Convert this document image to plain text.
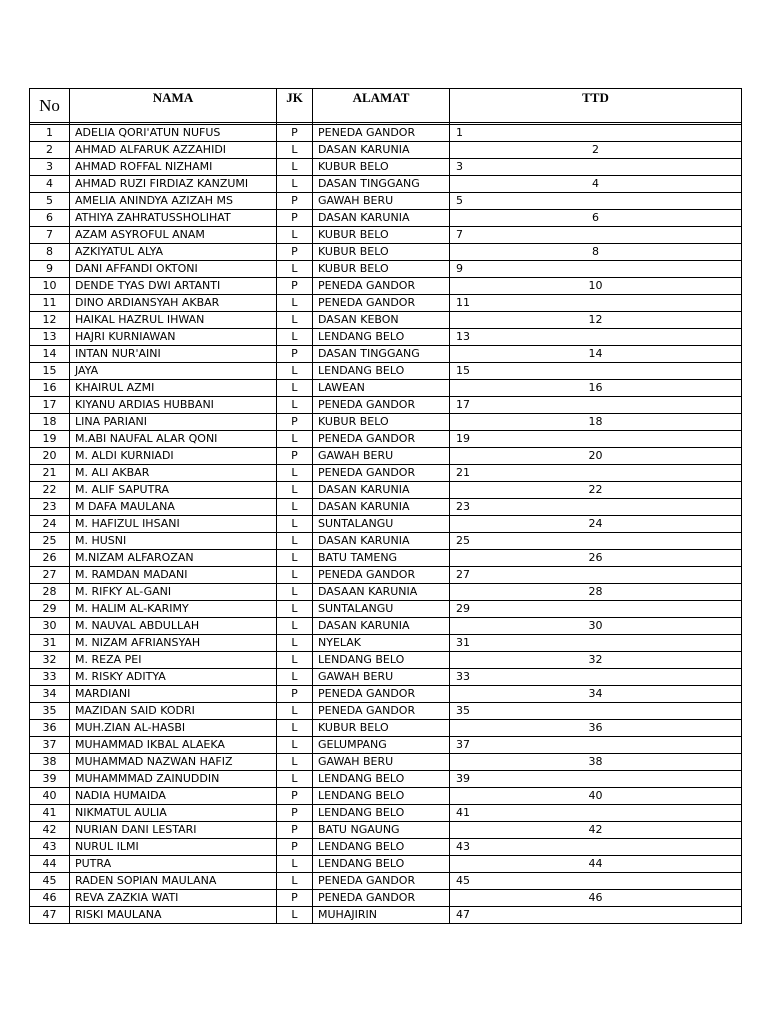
No	NAMA	JK	ALAMAT	TTD

1	ADELIA QORI'ATUN NUFUS	P	PENEDA GANDOR	1
2	AHMAD ALFARUK AZZAHIDI	L	DASAN KARUNIA	2
3	AHMAD ROFFAL NIZHAMI	L	KUBUR BELO	3
4	AHMAD RUZI FIRDIAZ KANZUMI	L	DASAN TINGGANG	4
5	AMELIA ANINDYA AZIZAH MS	P	GAWAH BERU	5
6	ATHIYA ZAHRATUSSHOLIHAT	P	DASAN KARUNIA	6
7	AZAM ASYROFUL ANAM	L	KUBUR BELO	7
8	AZKIYATUL ALYA	P	KUBUR BELO	8
9	DANI AFFANDI OKTONI	L	KUBUR BELO	9
10	DENDE TYAS DWI ARTANTI	P	PENEDA GANDOR	10
11	DINO ARDIANSYAH AKBAR	L	PENEDA GANDOR	11
12	HAIKAL HAZRUL IHWAN	L	DASAN KEBON	12
13	HAJRI KURNIAWAN	L	LENDANG BELO	13
14	INTAN NUR'AINI	P	DASAN TINGGANG	14
15	JAYA	L	LENDANG BELO	15
16	KHAIRUL AZMI	L	LAWEAN	16
17	KIYANU ARDIAS HUBBANI	L	PENEDA GANDOR	17
18	LINA PARIANI	P	KUBUR BELO	18
19	M.ABI NAUFAL ALAR QONI	L	PENEDA GANDOR	19
20	M. ALDI KURNIADI	P	GAWAH BERU	20
21	M. ALI AKBAR	L	PENEDA GANDOR	21
22	M. ALIF SAPUTRA	L	DASAN KARUNIA	22
23	M DAFA MAULANA	L	DASAN KARUNIA	23
24	M. HAFIZUL IHSANI	L	SUNTALANGU	24
25	M. HUSNI	L	DASAN KARUNIA	25
26	M.NIZAM ALFAROZAN	L	BATU TAMENG	26
27	M. RAMDAN MADANI	L	PENEDA GANDOR	27
28	M. RIFKY AL-GANI	L	DASAAN KARUNIA	28
29	M. HALIM AL-KARIMY	L	SUNTALANGU	29
30	M. NAUVAL ABDULLAH	L	DASAN KARUNIA	30
31	M. NIZAM AFRIANSYAH	L	NYELAK	31
32	M. REZA PEI	L	LENDANG BELO	32
33	M. RISKY ADITYA	L	GAWAH BERU	33
34	MARDIANI	P	PENEDA GANDOR	34
35	MAZIDAN SAID KODRI	L	PENEDA GANDOR	35
36	MUH.ZIAN AL-HASBI	L	KUBUR BELO	36
37	MUHAMMAD IKBAL ALAEKA	L	GELUMPANG	37
38	MUHAMMAD NAZWAN HAFIZ	L	GAWAH BERU	38
39	MUHAMMMAD ZAINUDDIN	L	LENDANG BELO	39
40	NADIA HUMAIDA	P	LENDANG BELO	40
41	NIKMATUL AULIA	P	LENDANG BELO	41
42	NURIAN DANI LESTARI	P	BATU NGAUNG	42
43	NURUL ILMI	P	LENDANG BELO	43
44	PUTRA	L	LENDANG BELO	44
45	RADEN SOPIAN MAULANA	L	PENEDA GANDOR	45
46	REVA ZAZKIA WATI	P	PENEDA GANDOR	46
47	RISKI MAULANA	L	MUHAJIRIN	47
